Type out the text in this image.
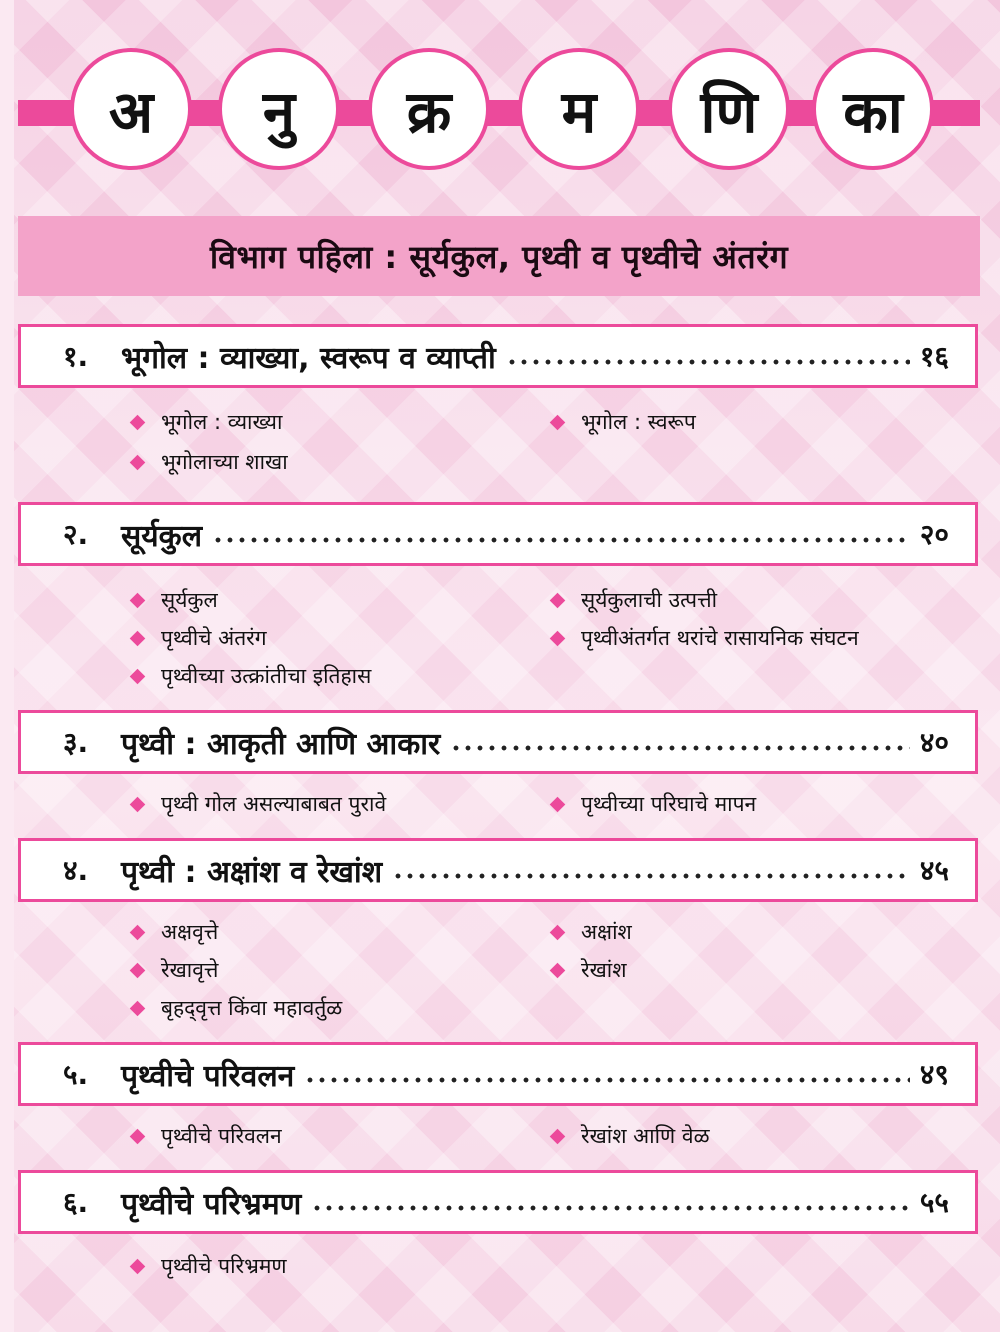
अ	नु	क्र	म	णि	का
विभाग पहिला : सूर्यकुल, पृथ्वी व पृथ्वीचे अंतरंग
१.	भूगोल : व्याख्या, स्वरूप व व्याप्ती	१६
भूगोल : व्याख्या	भूगोल : स्वरूप
भूगोलाच्या शाखा
२.	सूर्यकुल	२०
सूर्यकुल	सूर्यकुलाची उत्पत्ती
पृथ्वीचे अंतरंग	पृथ्वीअंतर्गत थरांचे रासायनिक संघटन
पृथ्वीच्या उत्क्रांतीचा इतिहास
३.	पृथ्वी : आकृती आणि आकार	४०
पृथ्वी गोल असल्याबाबत पुरावे	पृथ्वीच्या परिघाचे मापन
४.	पृथ्वी : अक्षांश व रेखांश	४५
अक्षवृत्ते	अक्षांश
रेखावृत्ते	रेखांश
बृहद्‌वृत्त किंवा महावर्तुळ
५.	पृथ्वीचे परिवलन	४९
पृथ्वीचे परिवलन	रेखांश आणि वेळ
६.	पृथ्वीचे परिभ्रमण	५५
पृथ्वीचे परिभ्रमण
